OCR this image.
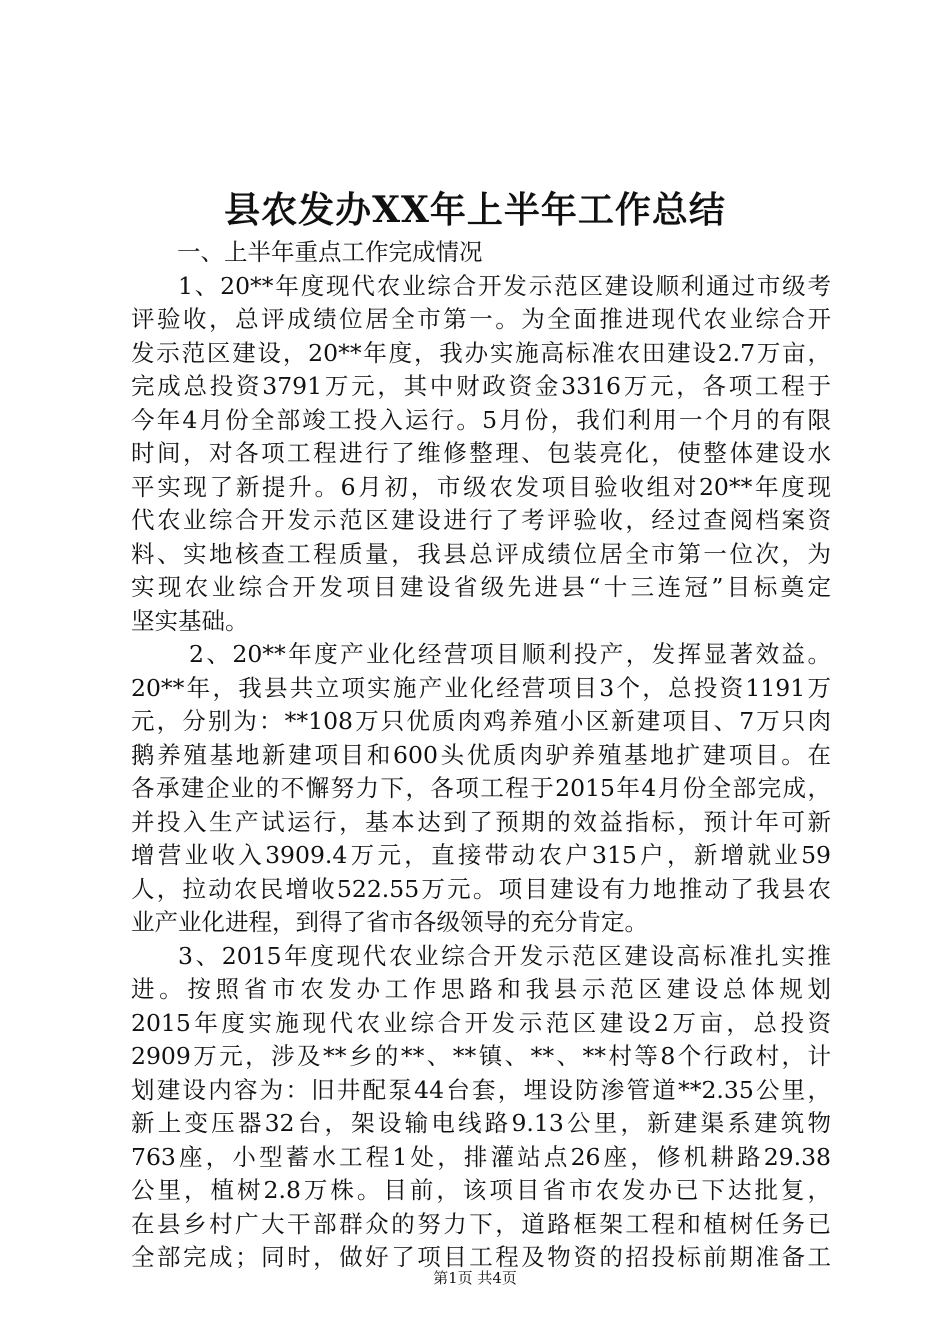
县农发办XX年上半年工作总结
一、上半年重点工作完成情况
1、20**年度现代农业综合开发示范区建设顺利通过市级考
评验收，总评成绩位居全市第一。为全面推进现代农业综合开
发示范区建设，20**年度，我办实施高标准农田建设2.7万亩，
完成总投资3791万元，其中财政资金3316万元，各项工程于
今年4月份全部竣工投入运行。5月份，我们利用一个月的有限
时间，对各项工程进行了维修整理、包装亮化，使整体建设水
平实现了新提升。6月初，市级农发项目验收组对20**年度现
代农业综合开发示范区建设进行了考评验收，经过查阅档案资
料、实地核查工程质量，我县总评成绩位居全市第一位次，为
实现农业综合开发项目建设省级先进县“十三连冠”目标奠定
坚实基础。
2、20**年度产业化经营项目顺利投产，发挥显著效益。
20**年，我县共立项实施产业化经营项目3个，总投资1191万
元，分别为：**108万只优质肉鸡养殖小区新建项目、7万只肉
鹅养殖基地新建项目和600头优质肉驴养殖基地扩建项目。在
各承建企业的不懈努力下，各项工程于2015年4月份全部完成，
并投入生产试运行，基本达到了预期的效益指标，预计年可新
增营业收入3909.4万元，直接带动农户315户，新增就业59
人，拉动农民增收522.55万元。项目建设有力地推动了我县农
业产业化进程，到得了省市各级领导的充分肯定。
3、2015年度现代农业综合开发示范区建设高标准扎实推
进。按照省市农发办工作思路和我县示范区建设总体规划
2015年度实施现代农业综合开发示范区建设2万亩，总投资
2909万元，涉及**乡的**、**镇、**、**村等8个行政村，计
划建设内容为：旧井配泵44台套，埋设防渗管道**2.35公里，
新上变压器32台，架设输电线路9.13公里，新建渠系建筑物
763座，小型蓄水工程1处，排灌站点26座，修机耕路29.38
公里，植树2.8万株。目前，该项目省市农发办已下达批复，
在县乡村广大干部群众的努力下，道路框架工程和植树任务已
全部完成；同时，做好了项目工程及物资的招投标前期准备工
第1页 共4页
